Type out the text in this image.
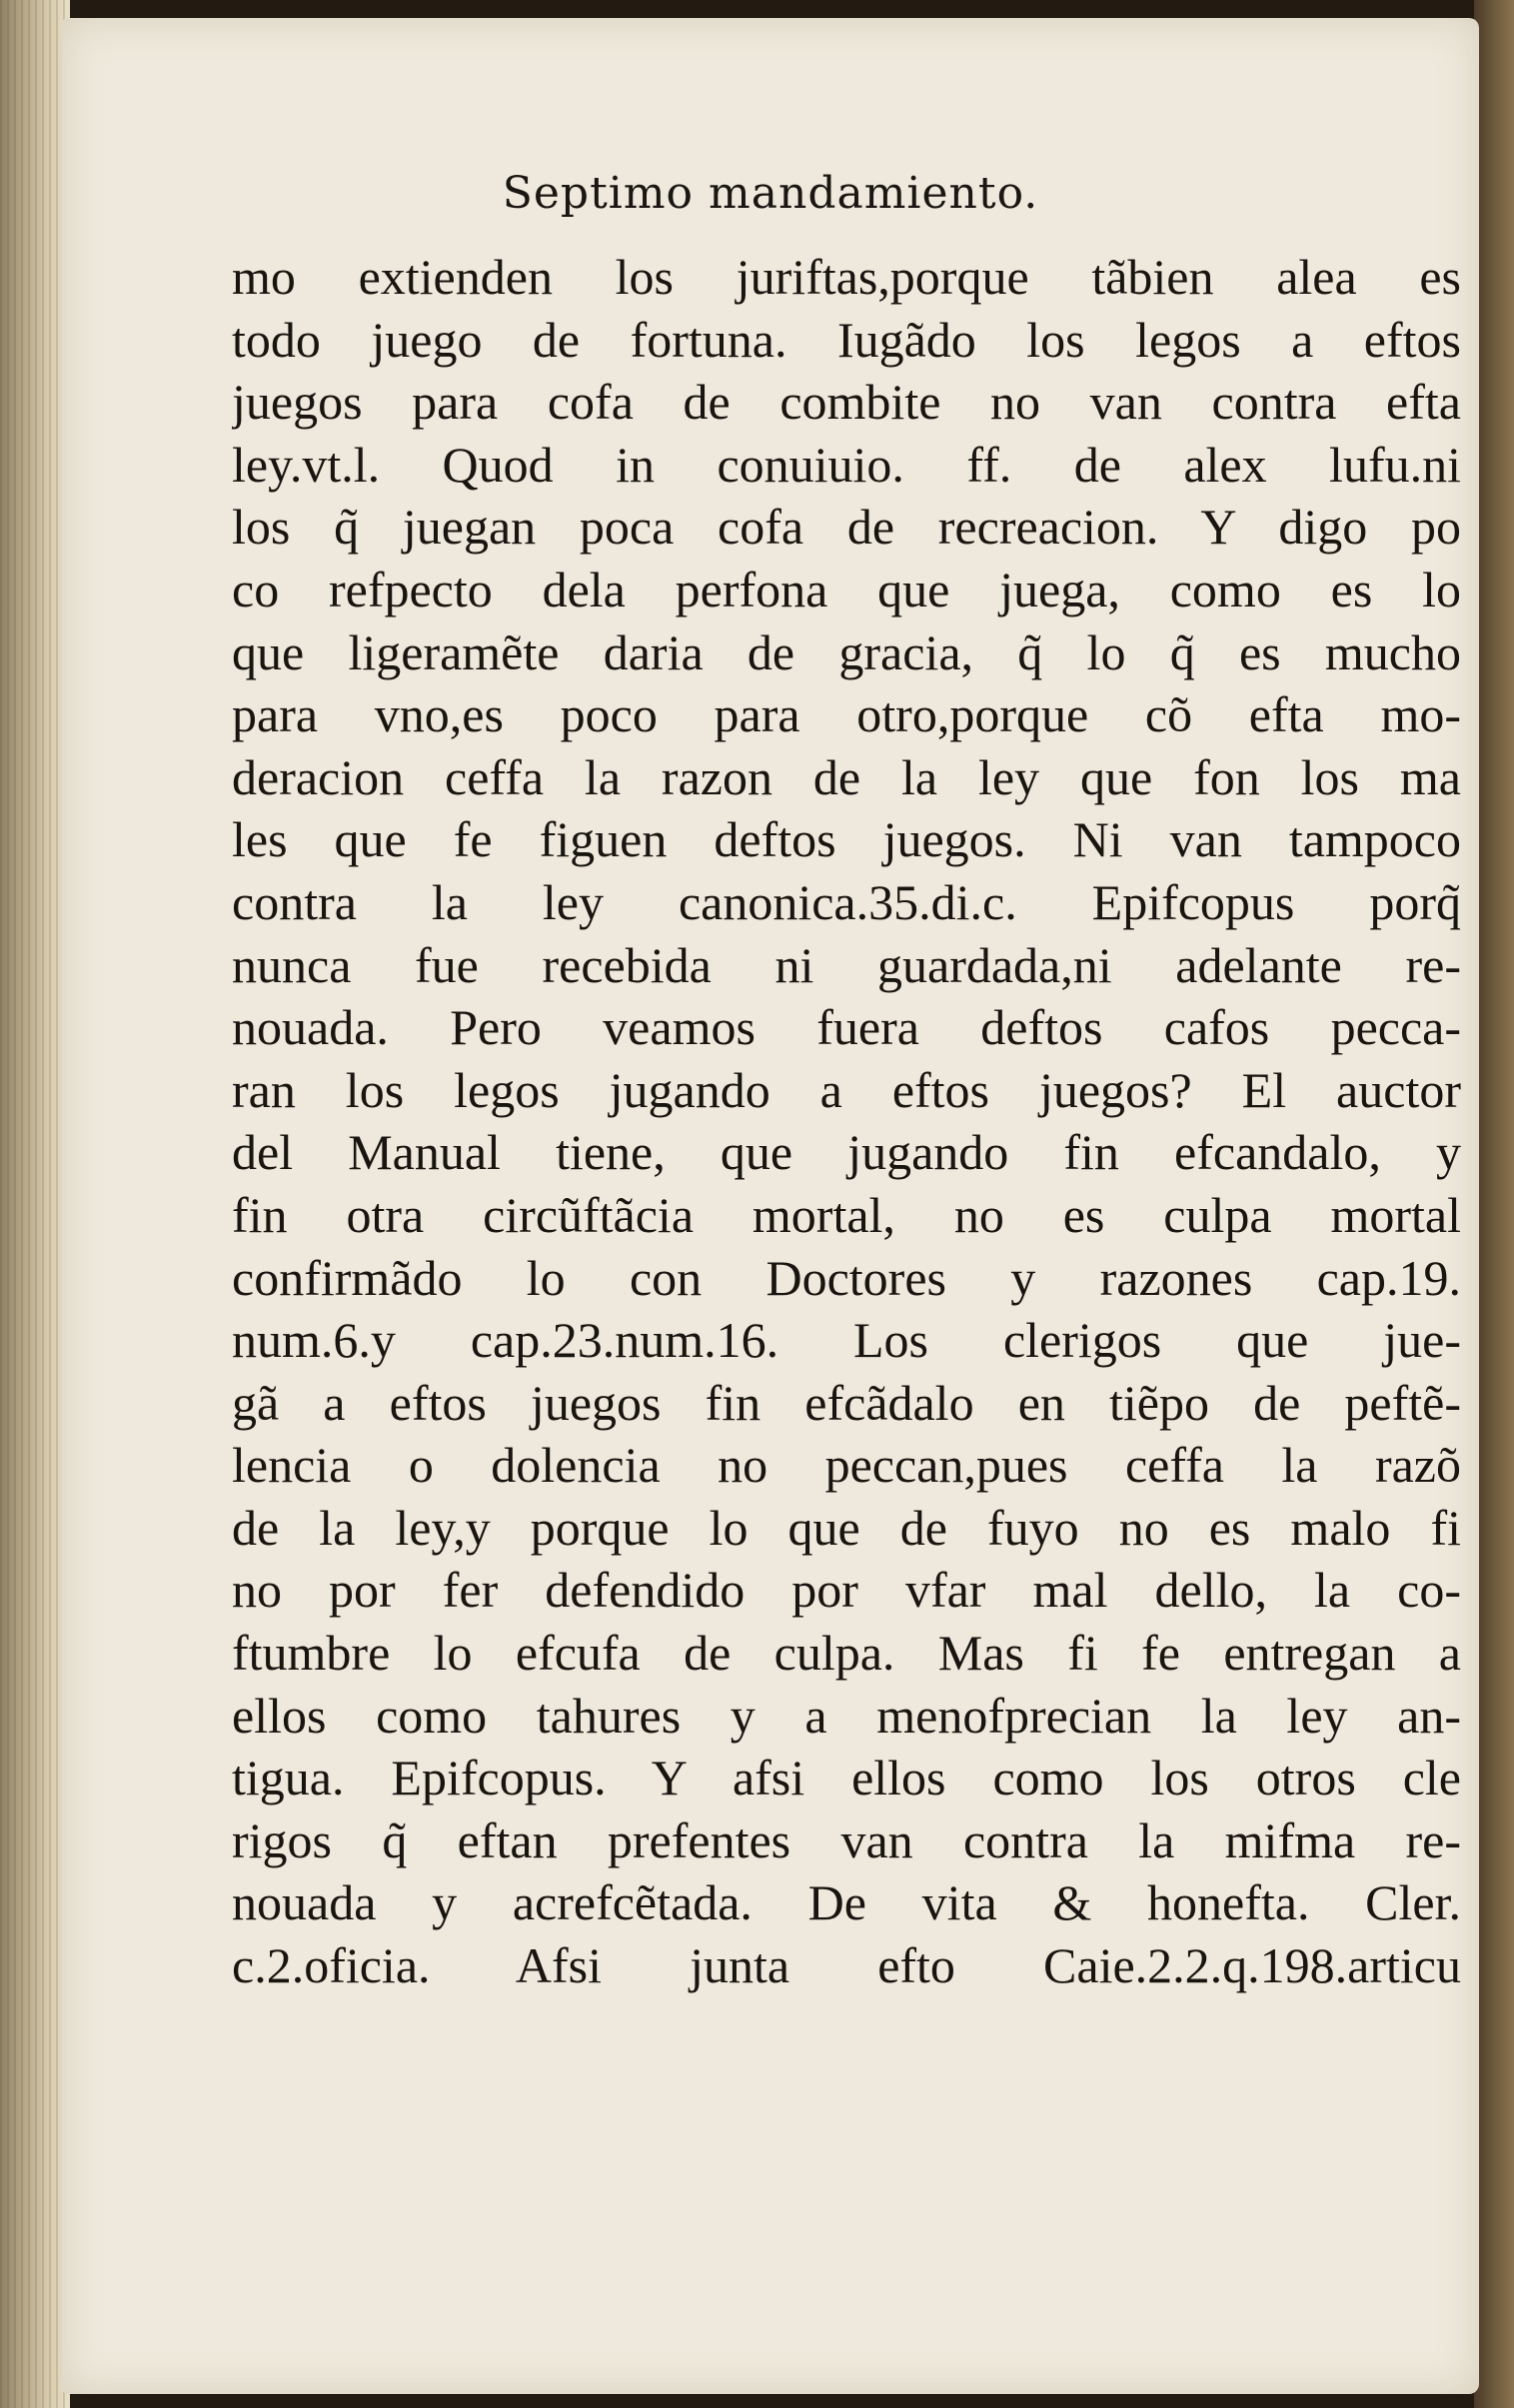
Septimo mandamiento.
mo extienden los juriftas,porque tãbien alea es
todo juego de fortuna. Iugãdo los legos a eftos
juegos para cofa de combite no van contra efta
ley.vt.l. Quod in conuiuio. ff. de alex lufu.ni
los q̃ juegan poca cofa de recreacion. Y digo po
co refpecto dela perfona que juega, como es lo
que ligeramẽte daria de gracia, q̃ lo q̃ es mucho
para vno,es poco para otro,porque cõ efta mo-
deracion ceffa la razon de la ley que fon los ma
les que fe figuen deftos juegos. Ni van tampoco
contra la ley canonica.35.di.c. Epifcopus porq̃
nunca fue recebida ni guardada,ni adelante re-
nouada. Pero veamos fuera deftos cafos pecca-
ran los legos jugando a eftos juegos? El auctor
del Manual tiene, que jugando fin efcandalo, y
fin otra circũftãcia mortal, no es culpa mortal
confirmãdo lo con Doctores y razones cap.19.
num.6.y cap.23.num.16. Los clerigos que jue-
gã a eftos juegos fin efcãdalo en tiẽpo de peftẽ-
lencia o dolencia no peccan,pues ceffa la razõ
de la ley,y porque lo que de fuyo no es malo fi
no por fer defendido por vfar mal dello, la co-
ftumbre lo efcufa de culpa. Mas fi fe entregan a
ellos como tahures y a menofprecian la ley an-
tigua. Epifcopus. Y afsi ellos como los otros cle
rigos q̃ eftan prefentes van contra la mifma re-
nouada y acrefcẽtada. De vita & honefta. Cler.
c.2.oficia. Afsi junta efto Caie.2.2.q.198.articu
